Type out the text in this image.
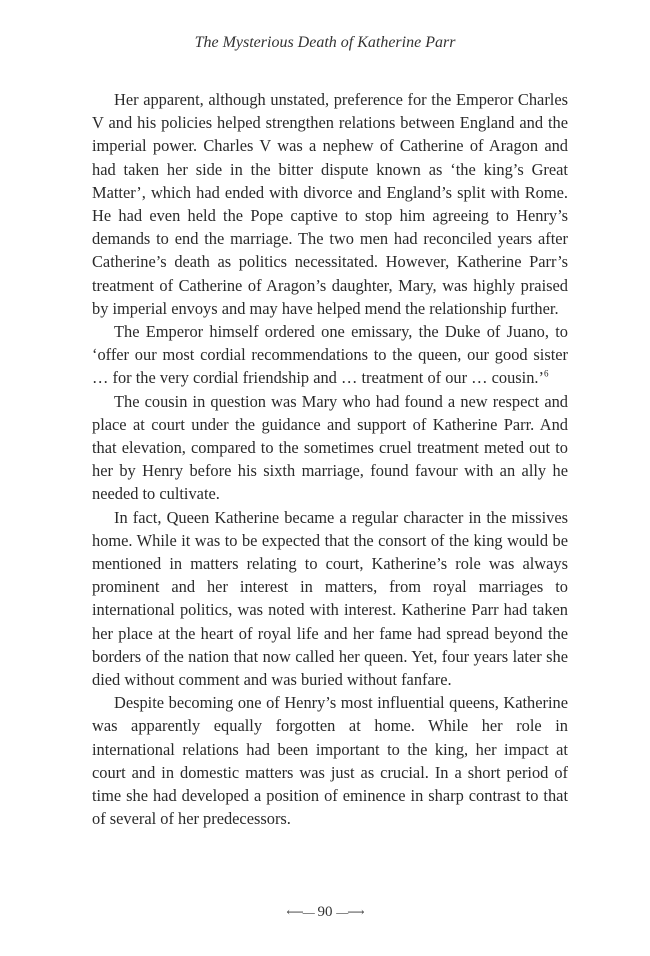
The Mysterious Death of Katherine Parr

Her apparent, although unstated, preference for the Emperor Charles V and his policies helped strengthen relations between England and the imperial power. Charles V was a nephew of Catherine of Aragon and had taken her side in the bitter dispute known as ‘the king’s Great Matter’, which had ended with divorce and England’s split with Rome. He had even held the Pope captive to stop him agreeing to Henry’s demands to end the marriage. The two men had reconciled years after Catherine’s death as politics necessitated. However, Katherine Parr’s treatment of Catherine of Aragon’s daughter, Mary, was highly praised by imperial envoys and may have helped mend the relationship further.

The Emperor himself ordered one emissary, the Duke of Juano, to ‘offer our most cordial recommendations to the queen, our good sister … for the very cordial friendship and … treatment of our … cousin.’$^6$

The cousin in question was Mary who had found a new respect and place at court under the guidance and support of Katherine Parr. And that elevation, compared to the sometimes cruel treatment meted out to her by Henry before his sixth marriage, found favour with an ally he needed to cultivate.

In fact, Queen Katherine became a regular character in the missives home. While it was to be expected that the consort of the king would be mentioned in matters relating to court, Katherine’s role was always prominent and her interest in matters, from royal marriages to international politics, was noted with interest. Katherine Parr had taken her place at the heart of royal life and her fame had spread beyond the borders of the nation that now called her queen. Yet, four years later she died without comment and was buried without fanfare.

Despite becoming one of Henry’s most influential queens, Katherine was apparently equally forgotten at home. While her role in international relations had been important to the king, her impact at court and in domestic matters was just as crucial. In a short period of time she had developed a position of eminence in sharp contrast to that of several of her predecessors.

⟵— 90 —⟶
